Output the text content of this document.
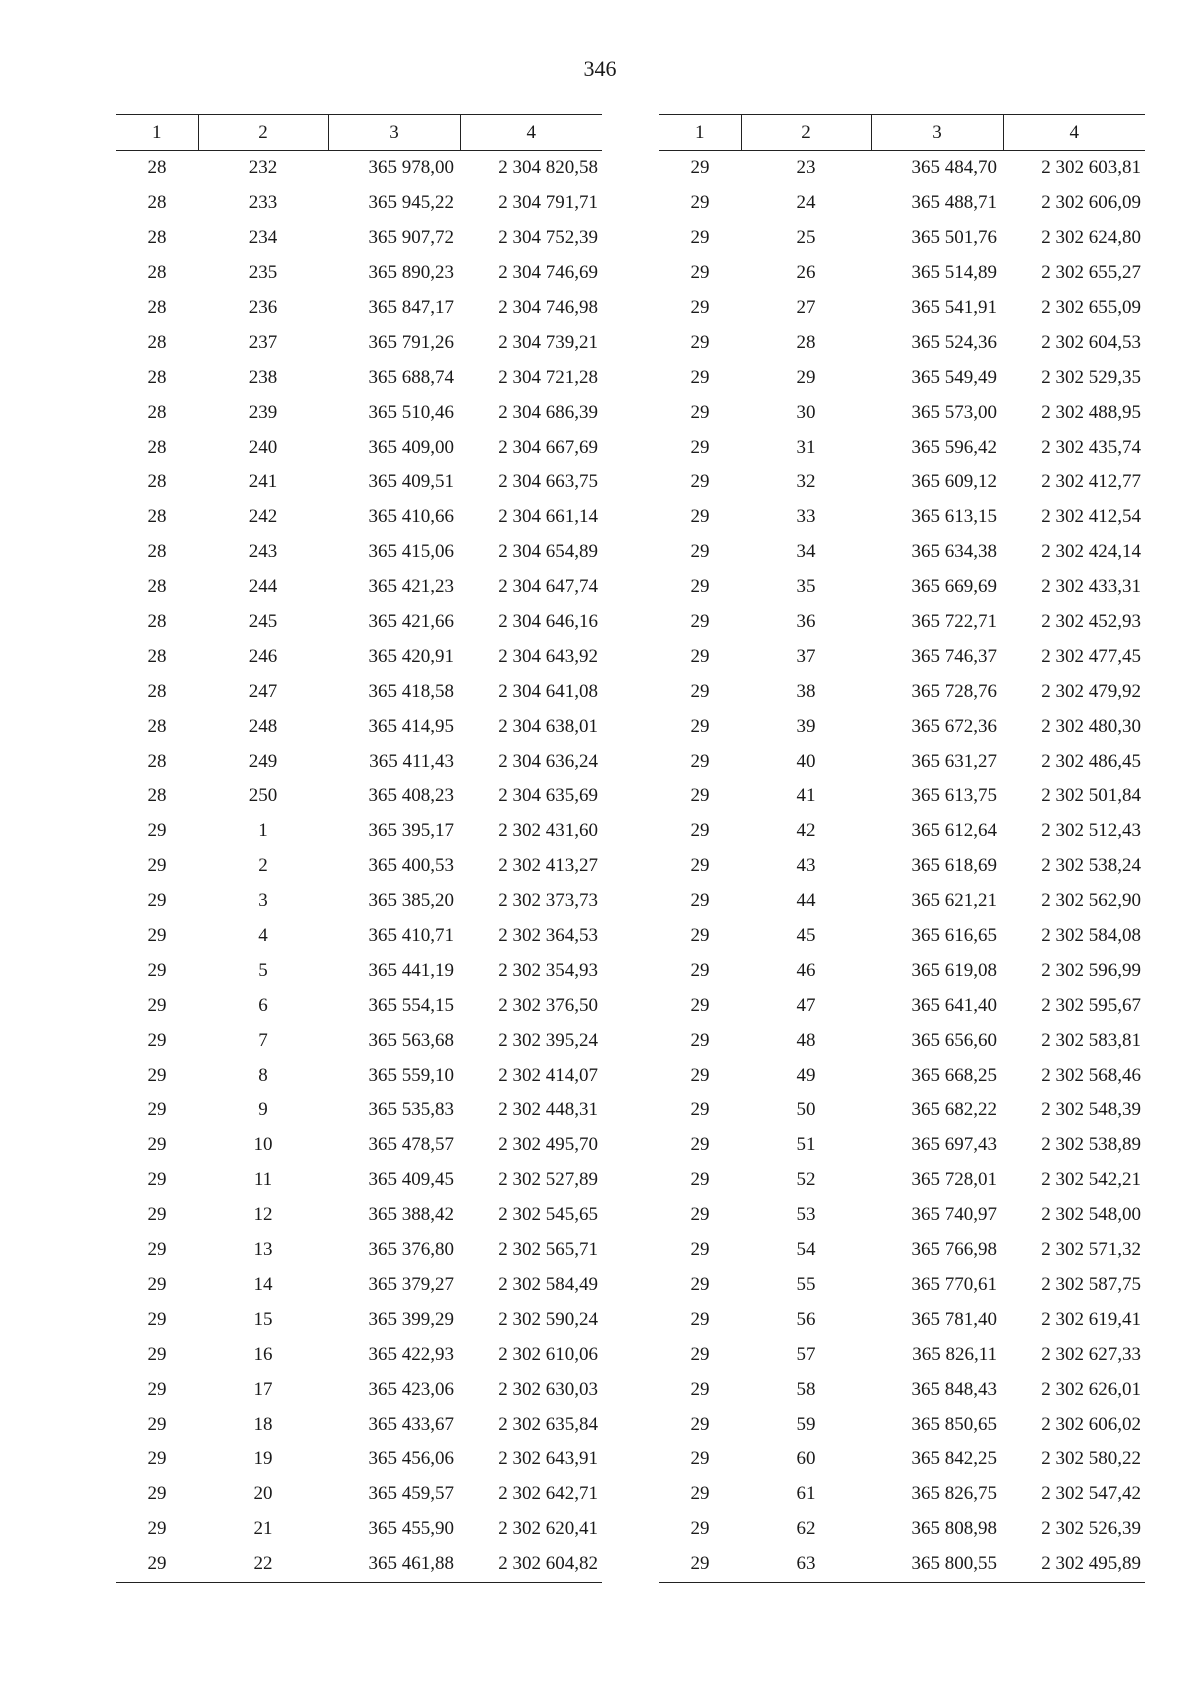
346
1	2	3	4
28	232	365 978,00	2 304 820,58
28	233	365 945,22	2 304 791,71
28	234	365 907,72	2 304 752,39
28	235	365 890,23	2 304 746,69
28	236	365 847,17	2 304 746,98
28	237	365 791,26	2 304 739,21
28	238	365 688,74	2 304 721,28
28	239	365 510,46	2 304 686,39
28	240	365 409,00	2 304 667,69
28	241	365 409,51	2 304 663,75
28	242	365 410,66	2 304 661,14
28	243	365 415,06	2 304 654,89
28	244	365 421,23	2 304 647,74
28	245	365 421,66	2 304 646,16
28	246	365 420,91	2 304 643,92
28	247	365 418,58	2 304 641,08
28	248	365 414,95	2 304 638,01
28	249	365 411,43	2 304 636,24
28	250	365 408,23	2 304 635,69
29	1	365 395,17	2 302 431,60
29	2	365 400,53	2 302 413,27
29	3	365 385,20	2 302 373,73
29	4	365 410,71	2 302 364,53
29	5	365 441,19	2 302 354,93
29	6	365 554,15	2 302 376,50
29	7	365 563,68	2 302 395,24
29	8	365 559,10	2 302 414,07
29	9	365 535,83	2 302 448,31
29	10	365 478,57	2 302 495,70
29	11	365 409,45	2 302 527,89
29	12	365 388,42	2 302 545,65
29	13	365 376,80	2 302 565,71
29	14	365 379,27	2 302 584,49
29	15	365 399,29	2 302 590,24
29	16	365 422,93	2 302 610,06
29	17	365 423,06	2 302 630,03
29	18	365 433,67	2 302 635,84
29	19	365 456,06	2 302 643,91
29	20	365 459,57	2 302 642,71
29	21	365 455,90	2 302 620,41
29	22	365 461,88	2 302 604,82
1	2	3	4
29	23	365 484,70	2 302 603,81
29	24	365 488,71	2 302 606,09
29	25	365 501,76	2 302 624,80
29	26	365 514,89	2 302 655,27
29	27	365 541,91	2 302 655,09
29	28	365 524,36	2 302 604,53
29	29	365 549,49	2 302 529,35
29	30	365 573,00	2 302 488,95
29	31	365 596,42	2 302 435,74
29	32	365 609,12	2 302 412,77
29	33	365 613,15	2 302 412,54
29	34	365 634,38	2 302 424,14
29	35	365 669,69	2 302 433,31
29	36	365 722,71	2 302 452,93
29	37	365 746,37	2 302 477,45
29	38	365 728,76	2 302 479,92
29	39	365 672,36	2 302 480,30
29	40	365 631,27	2 302 486,45
29	41	365 613,75	2 302 501,84
29	42	365 612,64	2 302 512,43
29	43	365 618,69	2 302 538,24
29	44	365 621,21	2 302 562,90
29	45	365 616,65	2 302 584,08
29	46	365 619,08	2 302 596,99
29	47	365 641,40	2 302 595,67
29	48	365 656,60	2 302 583,81
29	49	365 668,25	2 302 568,46
29	50	365 682,22	2 302 548,39
29	51	365 697,43	2 302 538,89
29	52	365 728,01	2 302 542,21
29	53	365 740,97	2 302 548,00
29	54	365 766,98	2 302 571,32
29	55	365 770,61	2 302 587,75
29	56	365 781,40	2 302 619,41
29	57	365 826,11	2 302 627,33
29	58	365 848,43	2 302 626,01
29	59	365 850,65	2 302 606,02
29	60	365 842,25	2 302 580,22
29	61	365 826,75	2 302 547,42
29	62	365 808,98	2 302 526,39
29	63	365 800,55	2 302 495,89
